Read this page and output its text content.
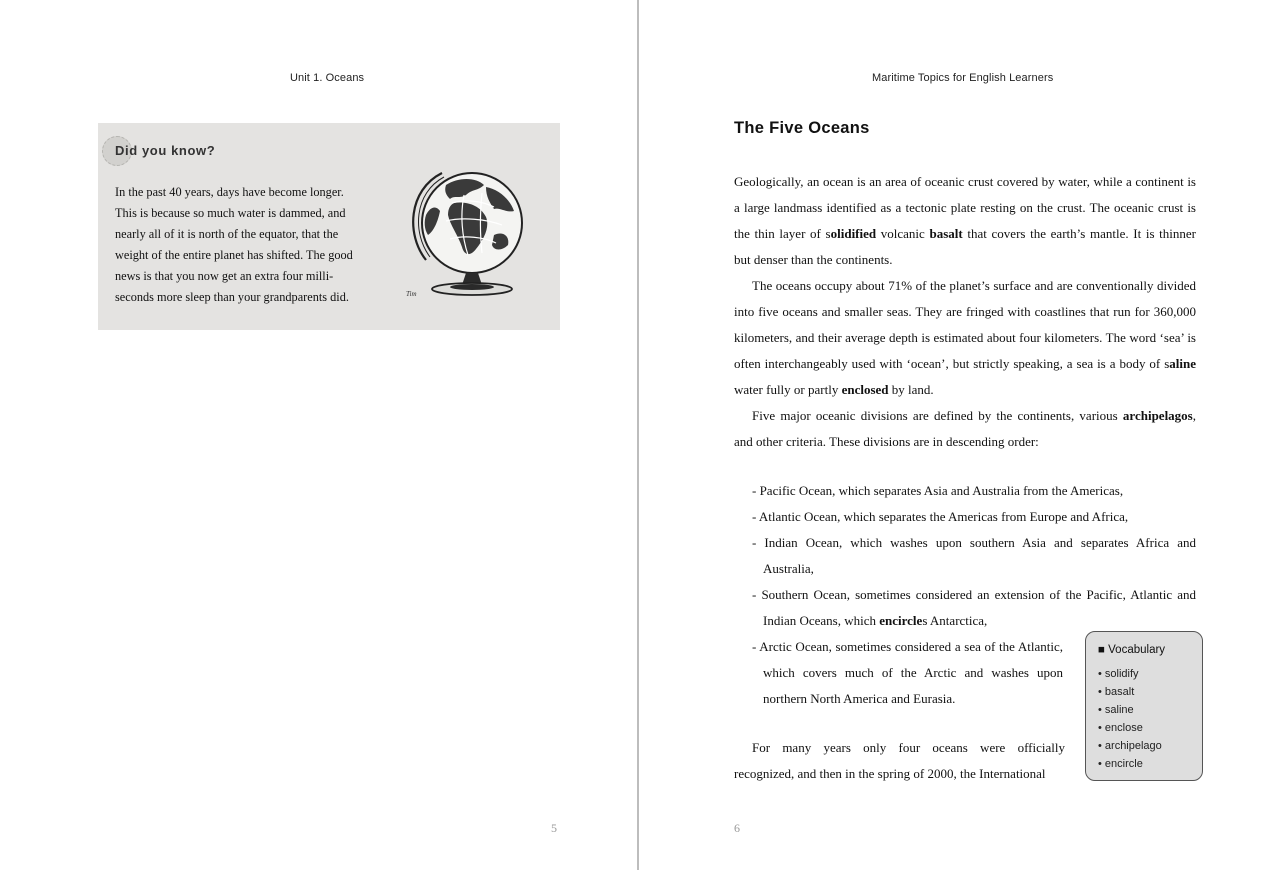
Unit 1. Oceans
Did you know?
In the past 40 years, days have become longer.
This is because so much water is dammed, and
nearly all of it is north of the equator, that the
weight of the entire planet has shifted. The good
news is that you now get an extra four milli-
seconds more sleep than your grandparents did.	Tim
5
Maritime Topics for English Learners
The Five Oceans

Geologically, an ocean is an area of oceanic crust covered by water, while a continent is a large landmass identified as a tectonic plate resting on the crust. The oceanic crust is the thin layer of solidified volcanic basalt that covers the earth’s mantle. It is thinner but denser than the continents.

The oceans occupy about 71% of the planet’s surface and are conventionally divided into five oceans and smaller seas. They are fringed with coastlines that run for 360,000 kilometers, and their average depth is estimated about four kilometers. The word ‘sea’ is often interchangeably used with ‘ocean’, but strictly speaking, a sea is a body of saline water fully or partly enclosed by land.

Five major oceanic divisions are defined by the continents, various archipelagos, and other criteria. These divisions are in descending order:

- Pacific Ocean, which separates Asia and Australia from the Americas,
- Atlantic Ocean, which separates the Americas from Europe and Africa,
- Indian Ocean, which washes upon southern Asia and separates Africa and Australia,
- Southern Ocean, sometimes considered an extension of the Pacific, Atlantic and Indian Oceans, which encircles Antarctica,
- Arctic Ocean, sometimes considered a sea of the Atlantic, which covers much of the Arctic and washes upon northern North America and Eurasia.

For many years only four oceans were officially recognized, and then in the spring of 2000, the International

■ Vocabulary
• solidify
• basalt
• saline
• enclose
• archipelago
• encircle
6
